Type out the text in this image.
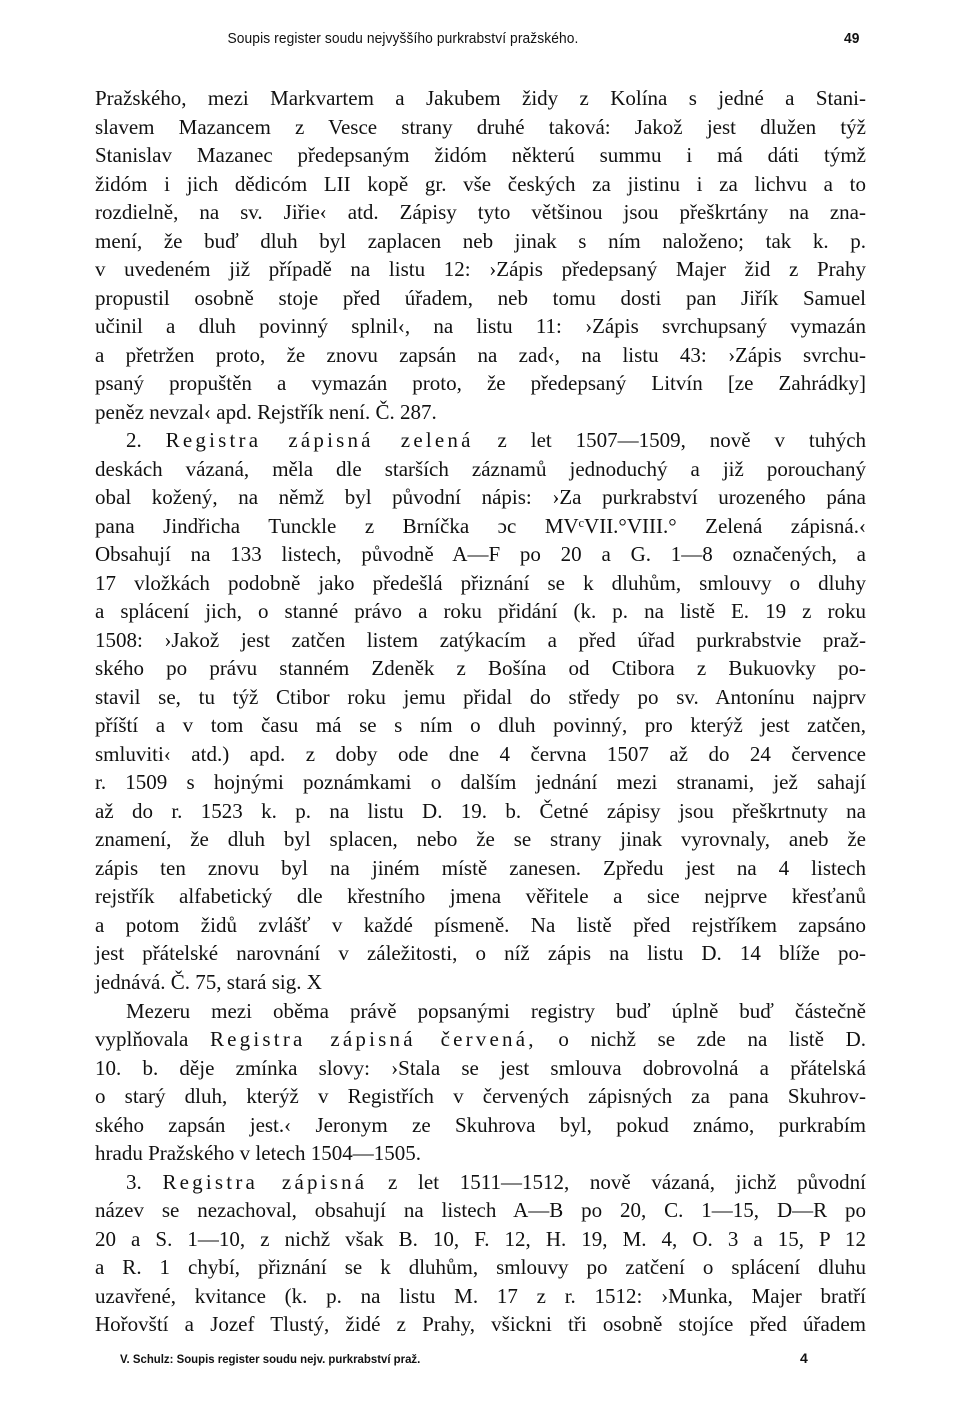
Soupis register soudu nejvyššího purkrabství pražského.	49
Pražského, mezi Markvartem a Jakubem židy z Kolína s jedné a Stani-
slavem Mazancem z Vesce strany druhé taková: Jakož jest dlužen týž
Stanislav Mazanec předepsaným židóm některú summu i má dáti týmž
židóm i jich dědicóm LII kopě gr. vše českých za jistinu i za lichvu a to
rozdielně, na sv. Jiřie‹ atd. Zápisy tyto většinou jsou přeškrtány na zna-
mení, že buď dluh byl zaplacen neb jinak s ním naloženo; tak k. p.
v uvedeném již případě na listu 12: ›Zápis předepsaný Majer žid z Prahy
propustil osobně stoje před úřadem, neb tomu dosti pan Jiřík Samuel
učinil a dluh povinný splnil‹, na listu 11: ›Zápis svrchupsaný vymazán
a přetržen proto, že znovu zapsán na zad‹, na listu 43: ›Zápis svrchu-
psaný propuštěn a vymazán proto, že předepsaný Litvín [ze Zahrádky]
peněz nevzal‹ apd. Rejstřík není. Č. 287.
2. Registra zápisná zelená z let 1507—1509, nově v tuhých
deskách vázaná, měla dle starších záznamů jednoduchý a již porouchaný
obal kožený, na němž byl původní nápis: ›Za purkrabství urozeného pána
pana Jindřicha Tunckle z Brníčka ɔc MVᶜVII.°VIII.° Zelená zápisná.‹
Obsahují na 133 listech, původně A—F po 20 a G. 1—8 označených, a
17 vložkách podobně jako předešlá přiznání se k dluhům, smlouvy o dluhy
a splácení jich, o stanné právo a roku přidání (k. p. na listě E. 19 z roku
1508: ›Jakož jest zatčen listem zatýkacím a před úřad purkrabstvie praž-
ského po právu stanném Zdeněk z Bošína od Ctibora z Bukuovky po-
stavil se, tu týž Ctibor roku jemu přidal do středy po sv. Antonínu najprv
příští a v tom času má se s ním o dluh povinný, pro kterýž jest zatčen,
smluviti‹ atd.) apd. z doby ode dne 4 června 1507 až do 24 července
r. 1509 s hojnými poznámkami o dalším jednání mezi stranami, jež sahají
až do r. 1523 k. p. na listu D. 19. b. Četné zápisy jsou přeškrtnuty na
znamení, že dluh byl splacen, nebo že se strany jinak vyrovnaly, aneb že
zápis ten znovu byl na jiném místě zanesen. Zpředu jest na 4 listech
rejstřík alfabetický dle křestního jmena věřitele a sice nejprve křesťanů
a potom židů zvlášť v každé písmeně. Na listě před rejstříkem zapsáno
jest přátelské narovnání v záležitosti, o níž zápis na listu D. 14 blíže po-
jednává. Č. 75, stará sig. X
Mezeru mezi oběma právě popsanými registry buď úplně buď částečně
vyplňovala Registra zápisná červená, o nichž se zde na listě D.
10. b. děje zmínka slovy: ›Stala se jest smlouva dobrovolná a přátelská
o starý dluh, kterýž v Registřích v červených zápisných za pana Skuhrov-
ského zapsán jest.‹ Jeronym ze Skuhrova byl, pokud známo, purkrabím
hradu Pražského v letech 1504—1505.
3. Registra zápisná z let 1511—1512, nově vázaná, jichž původní
název se nezachoval, obsahují na listech A—B po 20, C. 1—15, D—R po
20 a S. 1—10, z nichž však B. 10, F. 12, H. 19, M. 4, O. 3 a 15, P 12
a R. 1 chybí, přiznání se k dluhům, smlouvy po zatčení o splácení dluhu
uzavřené, kvitance (k. p. na listu M. 17 z r. 1512: ›Munka, Majer bratří
Hořovští a Jozef Tlustý, židé z Prahy, všickni tři osobně stojíce před úřadem
V. Schulz: Soupis register soudu nejv. purkrabství praž.	4
